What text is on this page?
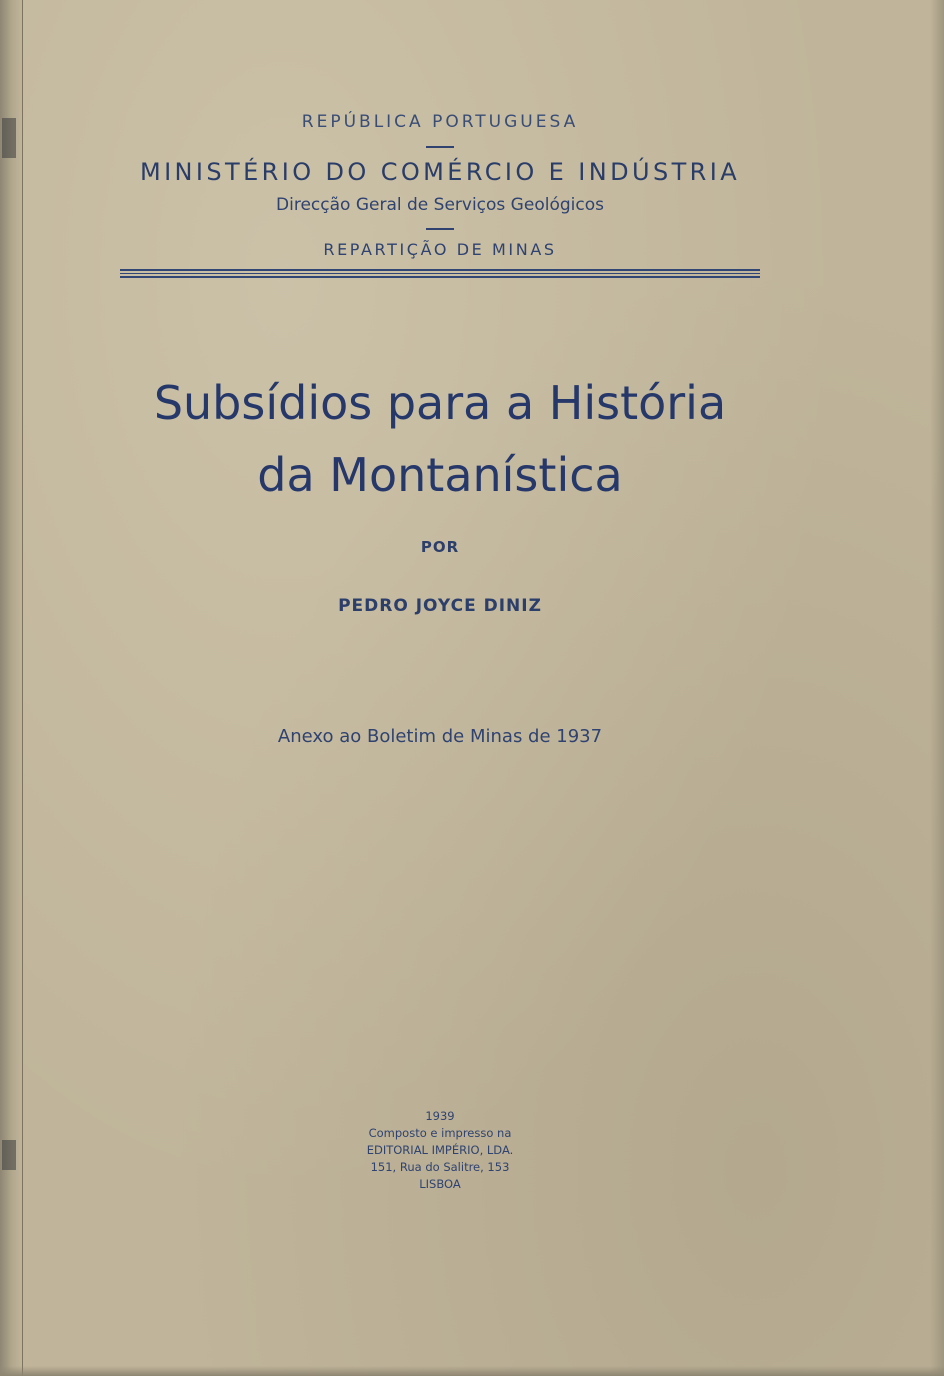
REPÚBLICA PORTUGUESA

MINISTÉRIO DO COMÉRCIO E INDÚSTRIA

Direcção Geral de Serviços Geológicos

REPARTIÇÃO DE MINAS

Subsídios para a História
da Montanística

POR

PEDRO JOYCE DINIZ

Anexo ao Boletim de Minas de 1937

1939
Composto e impresso na
EDITORIAL IMPÉRIO, LDA.
151, Rua do Salitre, 153
LISBOA
